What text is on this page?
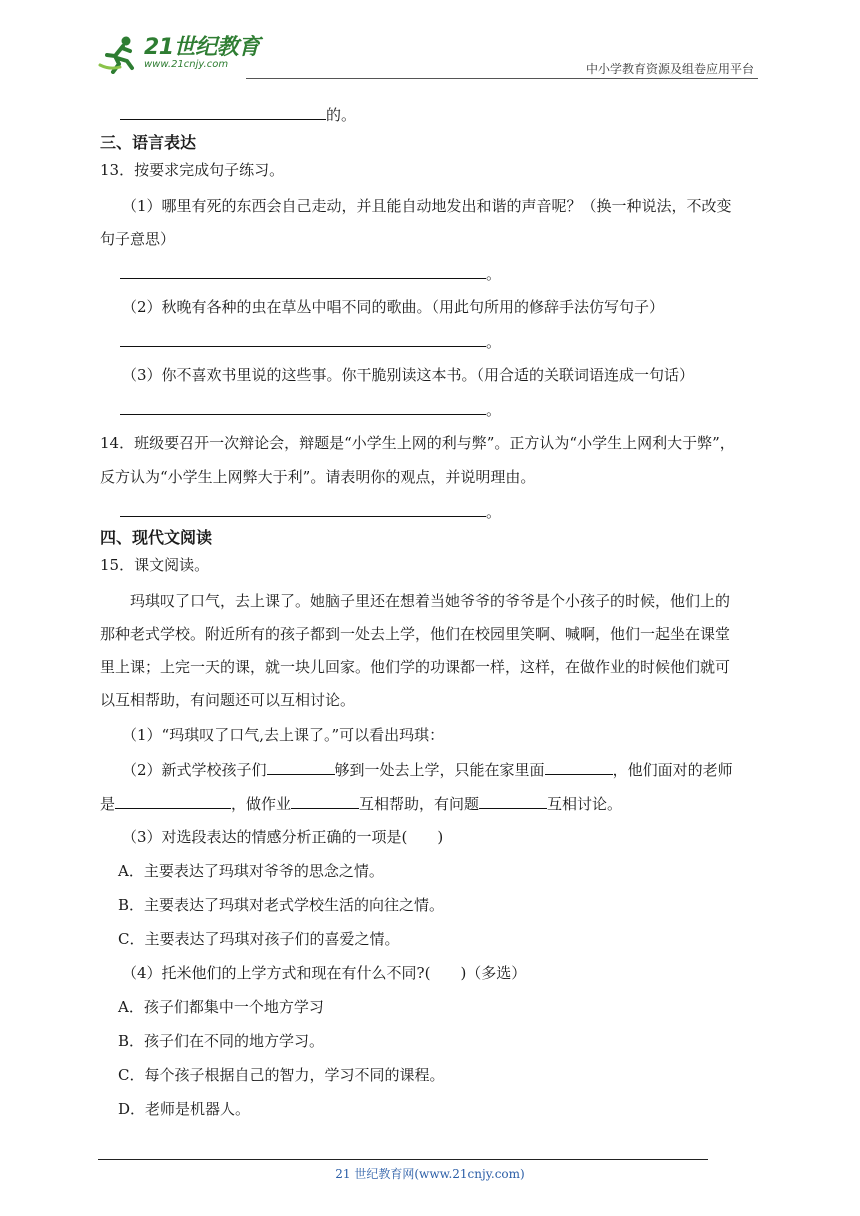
21世纪教育
www.21cnjy.com	中小学教育资源及组卷应用平台
的。
三、语言表达
13．按要求完成句子练习。
（1）哪里有死的东西会自己走动，并且能自动地发出和谐的声音呢？（换一种说法，不改变
句子意思）
。
（2）秋晚有各种的虫在草丛中唱不同的歌曲。（用此句所用的修辞手法仿写句子）
。
（3）你不喜欢书里说的这些事。你干脆别读这本书。（用合适的关联词语连成一句话）
。
14．班级要召开一次辩论会，辩题是“小学生上网的利与弊”。正方认为“小学生上网利大于弊”，
反方认为“小学生上网弊大于利”。请表明你的观点，并说明理由。
。
四、现代文阅读
15．课文阅读。
玛琪叹了口气，去上课了。她脑子里还在想着当她爷爷的爷爷是个小孩子的时候，他们上的
那种老式学校。附近所有的孩子都到一处去上学，他们在校园里笑啊、喊啊，他们一起坐在课堂
里上课；上完一天的课，就一块儿回家。他们学的功课都一样，这样，在做作业的时候他们就可
以互相帮助，有问题还可以互相讨论。
（1）“玛琪叹了口气,去上课了。”可以看出玛琪：
（2）新式学校孩子们	够到一处去上学，只能在家里面	，他们面对的老师
是	，做作业	互相帮助，有问题	互相讨论。
（3）对选段表达的情感分析正确的一项是(　　)
A．主要表达了玛琪对爷爷的思念之情。
B．主要表达了玛琪对老式学校生活的向往之情。
C．主要表达了玛琪对孩子们的喜爱之情。
（4）托米他们的上学方式和现在有什么不同?(　　)（多选）
A．孩子们都集中一个地方学习
B．孩子们在不同的地方学习。
C．每个孩子根据自己的智力，学习不同的课程。
D．老师是机器人。
21 世纪教育网(www.21cnjy.com)
